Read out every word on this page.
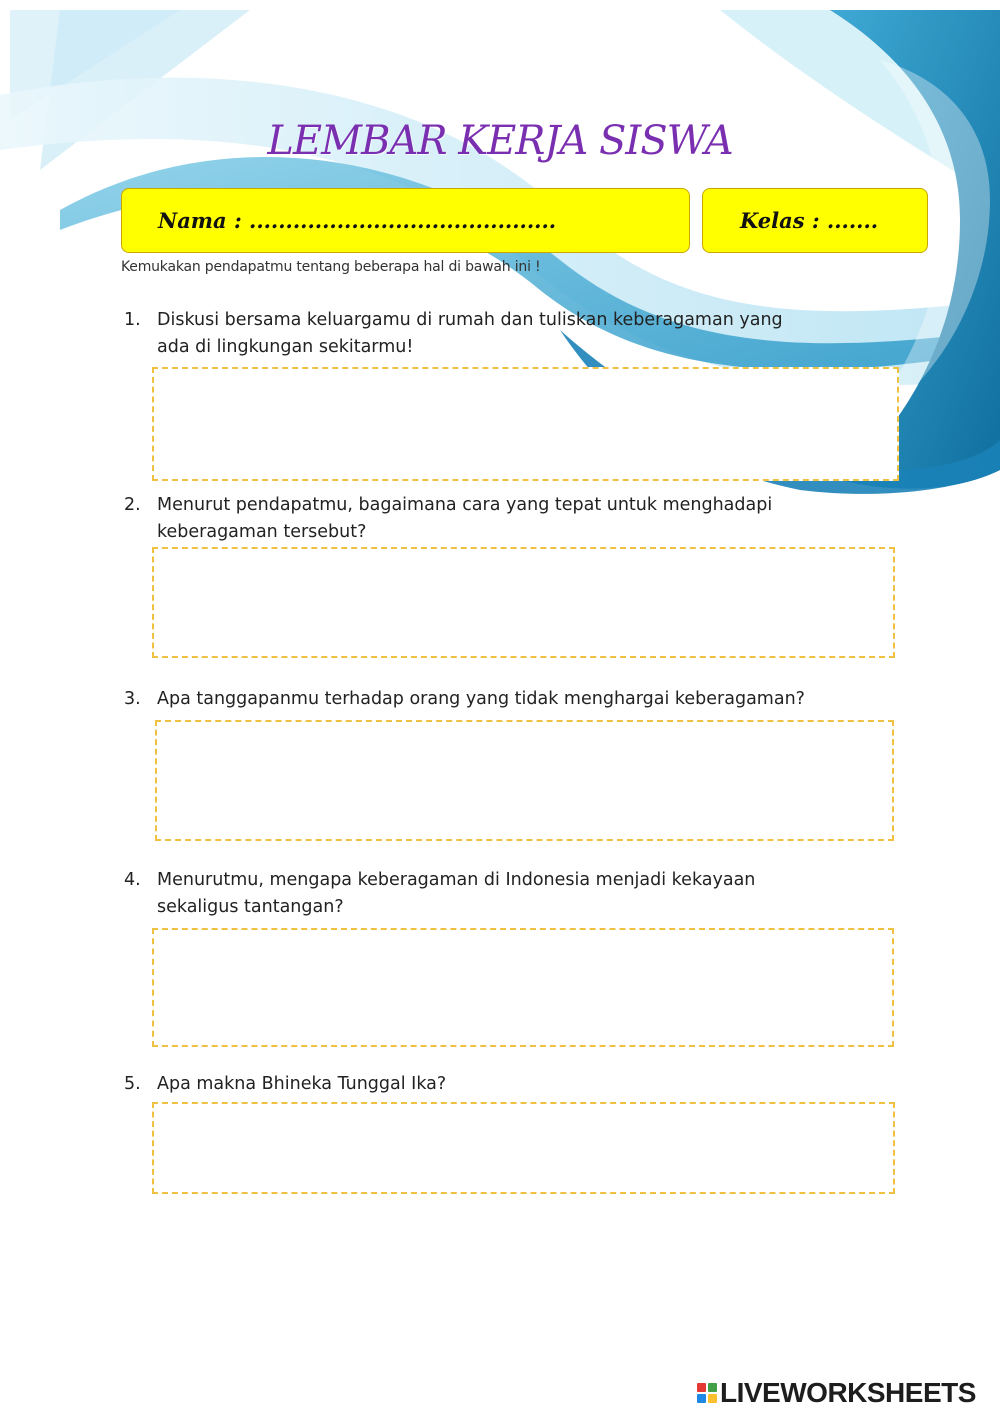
LEMBAR KERJA SISWA
Nama : ..........................................	Kelas : .......
Kemukakan pendapatmu tentang beberapa hal di bawah ini !
1. Diskusi bersama keluargamu di rumah dan tuliskan keberagaman yang ada di lingkungan sekitarmu!
2. Menurut pendapatmu, bagaimana cara yang tepat untuk menghadapi keberagaman tersebut?
3. Apa tanggapanmu terhadap orang yang tidak menghargai keberagaman?
4. Menurutmu, mengapa keberagaman di Indonesia menjadi kekayaan sekaligus tantangan?
5. Apa makna Bhineka Tunggal Ika?
LIVEWORKSHEETS
